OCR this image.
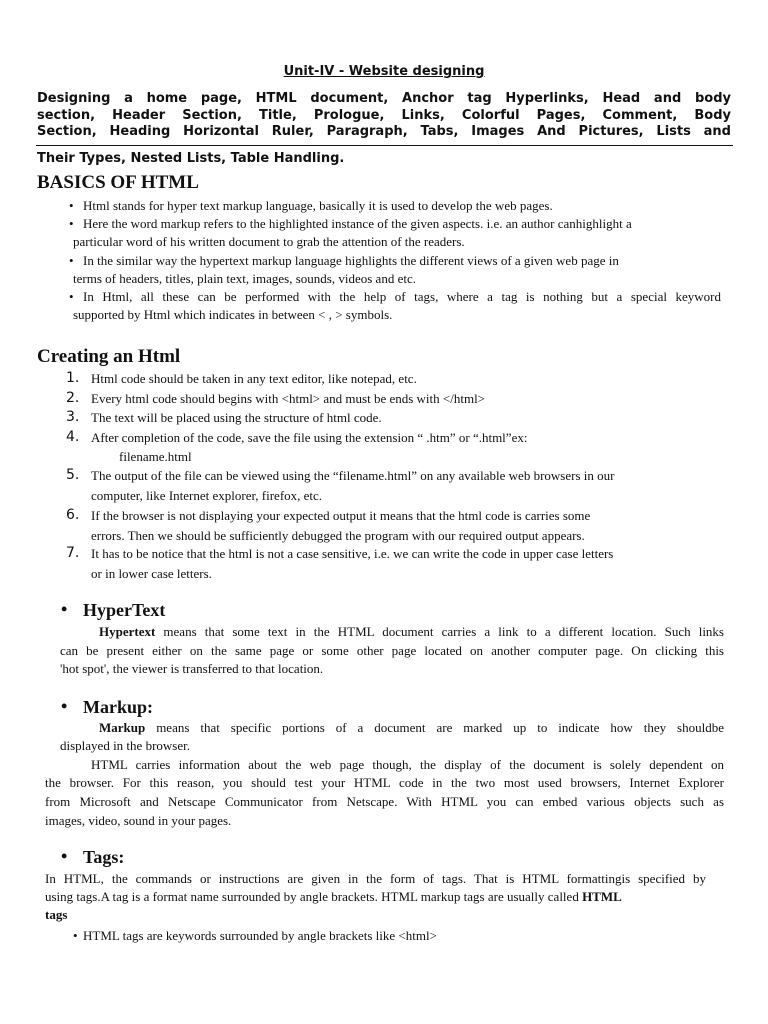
Unit-IV - Website designing
Designing a home page, HTML document, Anchor tag Hyperlinks, Head and body
section, Header Section, Title, Prologue, Links, Colorful Pages, Comment, Body
Section, Heading Horizontal Ruler, Paragraph, Tabs, Images And Pictures, Lists and
Their Types, Nested Lists, Table Handling.
BASICS OF HTML
• Html stands for hyper text markup language, basically it is used to develop the web pages.
• Here the word markup refers to the highlighted instance of the given aspects. i.e. an author canhighlight a
particular word of his written document to grab the attention of the readers.
• In the similar way the hypertext markup language highlights the different views of a given web page in
terms of headers, titles, plain text, images, sounds, videos and etc.
• In Html, all these can be performed with the help of tags, where a tag is nothing but a special keyword
supported by Html which indicates in between < , > symbols.
Creating an Html
1. Html code should be taken in any text editor, like notepad, etc.
2. Every html code should begins with <html> and must be ends with </html>
3. The text will be placed using the structure of html code.
4. After completion of the code, save the file using the extension “ .htm” or “.html”ex:
filename.html
5. The output of the file can be viewed using the “filename.html” on any available web browsers in our
computer, like Internet explorer, firefox, etc.
6. If the browser is not displaying your expected output it means that the html code is carries some
errors. Then we should be sufficiently debugged the program with our required output appears.
7. It has to be notice that the html is not a case sensitive, i.e. we can write the code in upper case letters
or in lower case letters.
• HyperText
Hypertext means that some text in the HTML document carries a link to a different location. Such links
can be present either on the same page or some other page located on another computer page. On clicking this
'hot spot', the viewer is transferred to that location.
• Markup:
Markup means that specific portions of a document are marked up to indicate how they shouldbe
displayed in the browser.
HTML carries information about the web page though, the display of the document is solely dependent on
the browser. For this reason, you should test your HTML code in the two most used browsers, Internet Explorer
from Microsoft and Netscape Communicator from Netscape. With HTML you can embed various objects such as
images, video, sound in your pages.
• Tags:
In HTML, the commands or instructions are given in the form of tags. That is HTML formattingis specified by
using tags.A tag is a format name surrounded by angle brackets. HTML markup tags are usually called HTML
tags
• HTML tags are keywords surrounded by angle brackets like <html>
